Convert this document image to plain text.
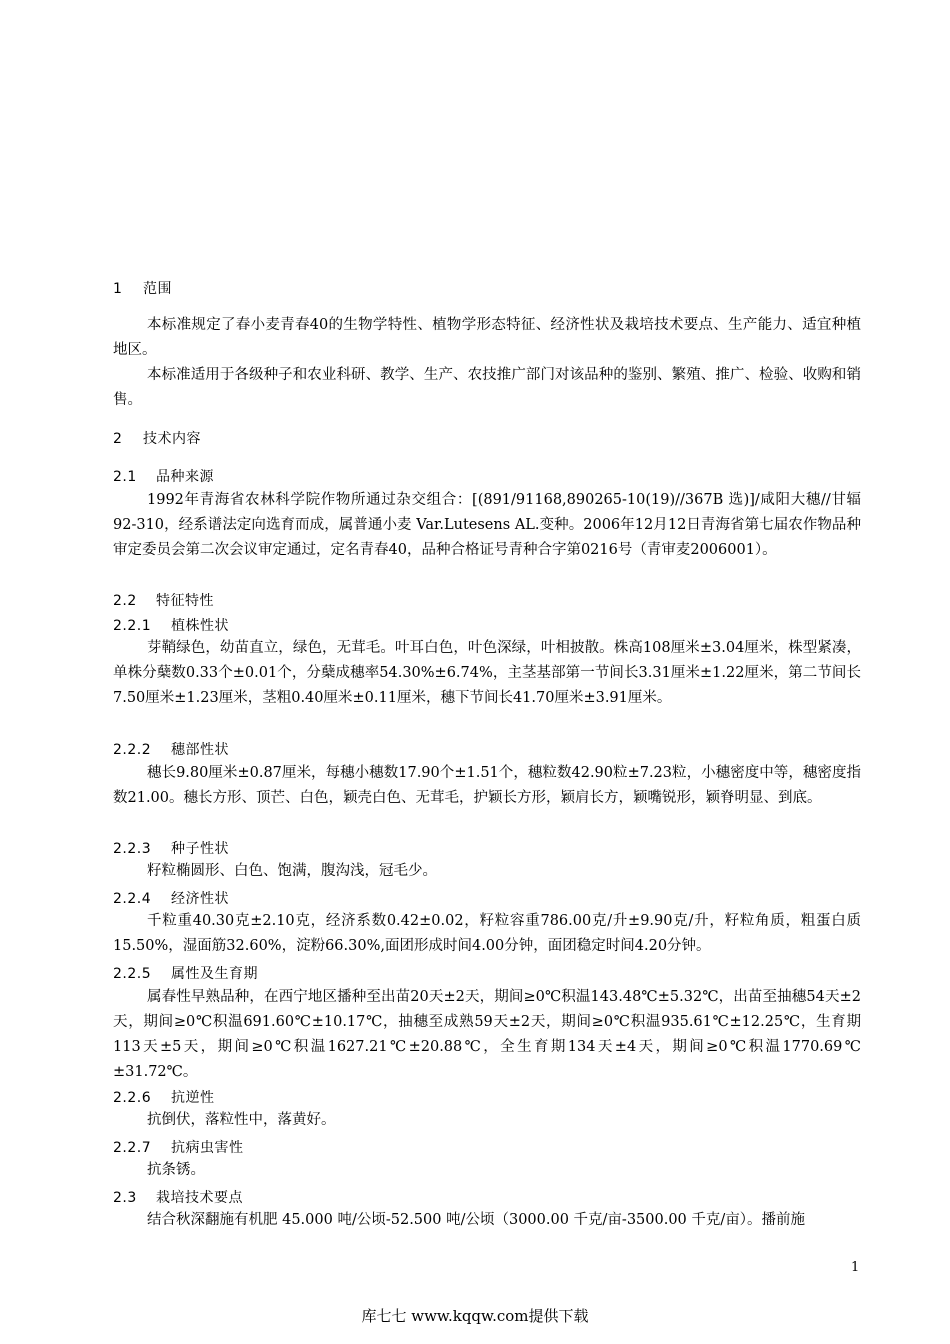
1 范围

本标准规定了春小麦青春40的生物学特性、植物学形态特征、经济性状及栽培技术要点、生产能力、适宜种植地区。

本标准适用于各级种子和农业科研、教学、生产、农技推广部门对该品种的鉴别、繁殖、推广、检验、收购和销售。

2 技术内容
2.1 品种来源

1992年青海省农林科学院作物所通过杂交组合：[(891/91168,890265-10(19)//367B 选)]/咸阳大穗//甘辐92-310，经系谱法定向选育而成，属普通小麦 Var.Lutesens AL.变种。2006年12月12日青海省第七届农作物品种审定委员会第二次会议审定通过，定名青春40，品种合格证号青种合字第0216号（青审麦2006001）。

2.2 特征特性
2.2.1 植株性状

芽鞘绿色，幼苗直立，绿色，无茸毛。叶耳白色，叶色深绿，叶相披散。株高108厘米±3.04厘米，株型紧凑，单株分蘖数0.33个±0.01个，分蘖成穗率54.30%±6.74%，主茎基部第一节间长3.31厘米±1.22厘米，第二节间长7.50厘米±1.23厘米，茎粗0.40厘米±0.11厘米，穗下节间长41.70厘米±3.91厘米。

2.2.2 穗部性状

穗长9.80厘米±0.87厘米，每穗小穗数17.90个±1.51个，穗粒数42.90粒±7.23粒，小穗密度中等，穗密度指数21.00。穗长方形、顶芒、白色，颖壳白色、无茸毛，护颖长方形，颖肩长方，颖嘴锐形，颖脊明显、到底。

2.2.3 种子性状

籽粒椭圆形、白色、饱满，腹沟浅，冠毛少。

2.2.4 经济性状

千粒重40.30克±2.10克，经济系数0.42±0.02，籽粒容重786.00克/升±9.90克/升，籽粒角质，粗蛋白质15.50%，湿面筋32.60%，淀粉66.30%,面团形成时间4.00分钟，面团稳定时间4.20分钟。

2.2.5 属性及生育期

属春性早熟品种，在西宁地区播种至出苗20天±2天，期间≥0℃积温143.48℃±5.32℃，出苗至抽穗54天±2天，期间≥0℃积温691.60℃±10.17℃，抽穗至成熟59天±2天，期间≥0℃积温935.61℃±12.25℃，生育期113天±5天，期间≥0℃积温1627.21℃±20.88℃，全生育期134天±4天，期间≥0℃积温1770.69℃±31.72℃。

2.2.6 抗逆性

抗倒伏，落粒性中，落黄好。

2.2.7 抗病虫害性

抗条锈。

2.3 栽培技术要点

结合秋深翻施有机肥 45.000 吨/公顷-52.500 吨/公顷（3000.00 千克/亩-3500.00 千克/亩）。播前施

1
库七七 www.kqqw.com提供下载
